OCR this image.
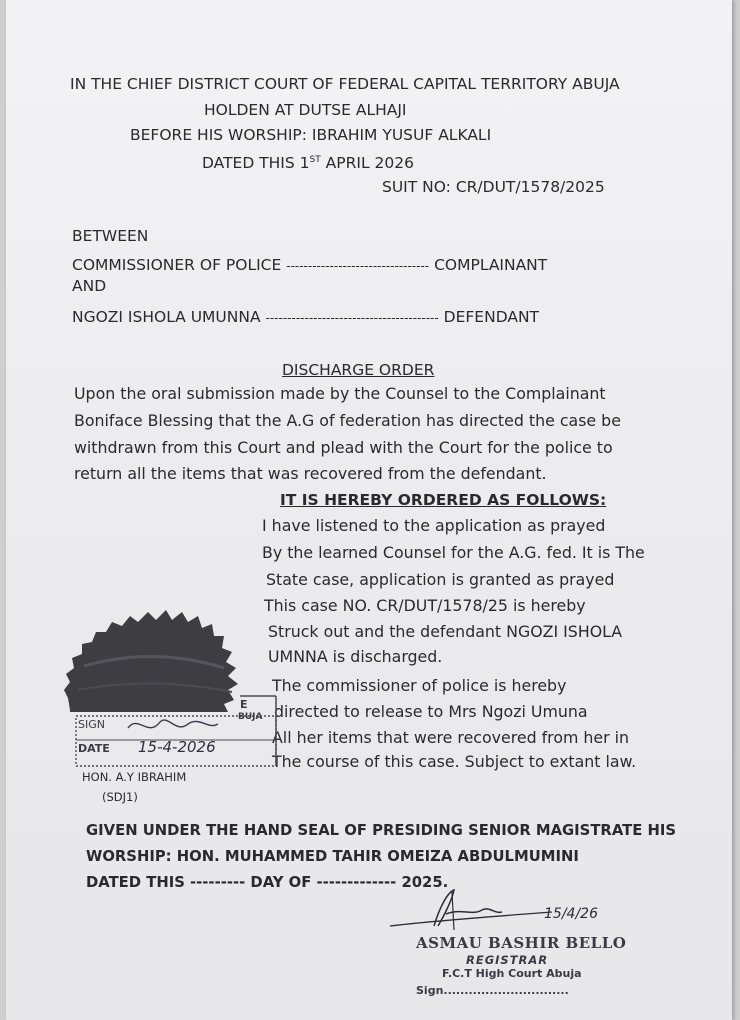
IN THE CHIEF DISTRICT COURT OF FEDERAL CAPITAL TERRITORY ABUJA
HOLDEN AT DUTSE ALHAJI
BEFORE HIS WORSHIP: IBRAHIM YUSUF ALKALI
DATED THIS 1ST APRIL 2026
SUIT NO: CR/DUT/1578/2025
BETWEEN
COMMISSIONER OF POLICE --------------------------------- COMPLAINANT
AND
NGOZI ISHOLA UMUNNA ---------------------------------------- DEFENDANT
DISCHARGE ORDER
Upon the oral submission made by the Counsel to the Complainant
Boniface Blessing that the A.G of federation has directed the case be
withdrawn from this Court and plead with the Court for the police to
return all the items that was recovered from the defendant.
IT IS HEREBY ORDERED AS FOLLOWS:
I have listened to the application as prayed
By the learned Counsel for the A.G. fed. It is The
State case, application is granted as prayed
This case NO. CR/DUT/1578/25 is hereby
Struck out and the defendant NGOZI ISHOLA
UMNNA is discharged.
The commissioner of police is hereby
directed to release to Mrs Ngozi Umuna
All her items that were recovered from her in
The course of this case. Subject to extant law.
E
BUJA
SIGN
DATE 15-4-2026
HON. A.Y IBRAHIM
(SDJ1)
GIVEN UNDER THE HAND SEAL OF PRESIDING SENIOR MAGISTRATE HIS
WORSHIP: HON. MUHAMMED TAHIR OMEIZA ABDULMUMINI
DATED THIS --------- DAY OF ------------- 2025.
15/4/26
ASMAU BASHIR BELLO
REGISTRAR
F.C.T High Court Abuja
Sign..............................
